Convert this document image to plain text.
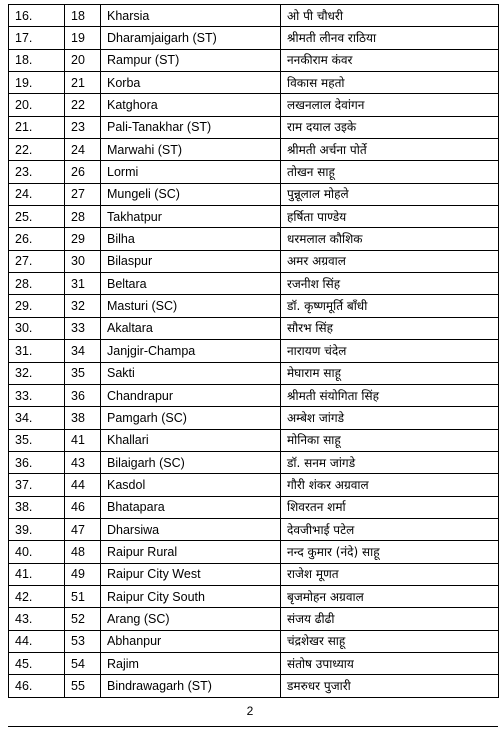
16.	18	Kharsia	ओ पी चौधरी
17.	19	Dharamjaigarh (ST)	श्रीमती लीनव राठिया
18.	20	Rampur (ST)	ननकीराम कंवर
19.	21	Korba	विकास महतो
20.	22	Katghora	लखनलाल देवांगन
21.	23	Pali-Tanakhar (ST)	राम दयाल उइके
22.	24	Marwahi (ST)	श्रीमती अर्चना पोर्ते
23.	26	Lormi	तोखन साहू
24.	27	Mungeli (SC)	पुन्नूलाल मोहले
25.	28	Takhatpur	हर्षिता पाण्डेय
26.	29	Bilha	धरमलाल कौशिक
27.	30	Bilaspur	अमर अग्रवाल
28.	31	Beltara	रजनीश सिंह
29.	32	Masturi (SC)	डॉ. कृष्णमूर्ति बाँधी
30.	33	Akaltara	सौरभ सिंह
31.	34	Janjgir-Champa	नारायण चंदेल
32.	35	Sakti	मेघाराम साहू
33.	36	Chandrapur	श्रीमती संयोगिता सिंह
34.	38	Pamgarh (SC)	अम्बेश जांगडे
35.	41	Khallari	मोनिका साहू
36.	43	Bilaigarh (SC)	डॉ. सनम जांगडे
37.	44	Kasdol	गौरी शंकर अग्रवाल
38.	46	Bhatapara	शिवरतन शर्मा
39.	47	Dharsiwa	देवजीभाई पटेल
40.	48	Raipur Rural	नन्द कुमार (नंदे) साहू
41.	49	Raipur City West	राजेश मूणत
42.	51	Raipur City South	बृजमोहन अग्रवाल
43.	52	Arang (SC)	संजय ढीढी
44.	53	Abhanpur	चंद्रशेखर साहू
45.	54	Rajim	संतोष उपाध्याय
46.	55	Bindrawagarh (ST)	डमरुधर पुजारी
2
